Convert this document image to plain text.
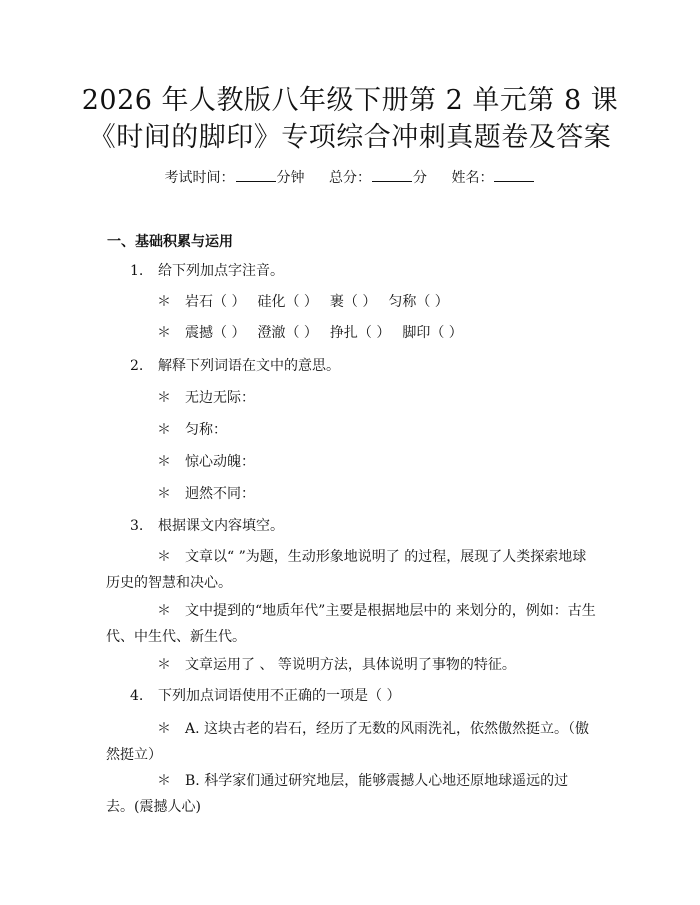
2026 年人教版八年级下册第 2 单元第 8 课
《时间的脚印》专项综合冲刺真题卷及答案
考试时间：	分钟 总分：	分 姓名：
一、基础积累与运用
1. 给下列加点字注音。
＊ 岩石（ ） 硅化（ ） 裹（ ） 匀称（ ）
＊ 震撼（ ） 澄澈（ ） 挣扎（ ） 脚印（ ）
2. 解释下列词语在文中的意思。
＊ 无边无际：
＊ 匀称：
＊ 惊心动魄：
＊ 迥然不同：
3. 根据课文内容填空。
＊ 文章以“ ”为题，生动形象地说明了 的过程，展现了人类探索地球历史的智慧和决心。
＊ 文中提到的“地质年代”主要是根据地层中的 来划分的，例如：古生代、中生代、新生代。
＊ 文章运用了 、 等说明方法，具体说明了事物的特征。
4. 下列加点词语使用不正确的一项是（ ）
＊ A. 这块古老的岩石，经历了无数的风雨洗礼，依然傲然挺立。（傲然挺立）
＊ B. 科学家们通过研究地层，能够震撼人心地还原地球遥远的过去。(震撼人心)
